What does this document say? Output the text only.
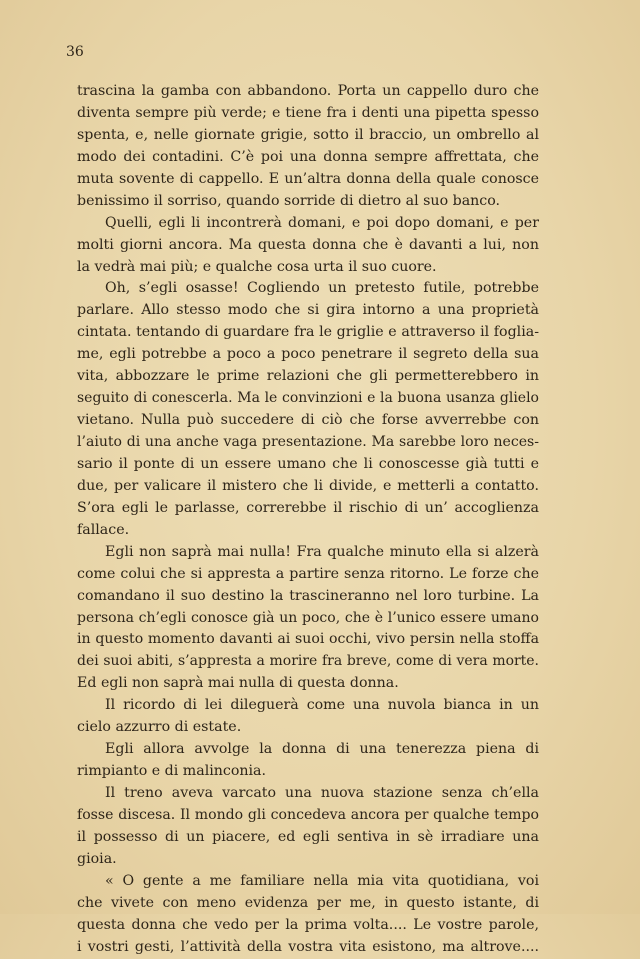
36
trascina la gamba con abbandono. Porta un cappello duro che
diventa sempre più verde; e tiene fra i denti una pipetta spesso
spenta, e, nelle giornate grigie, sotto il braccio, un ombrello al
modo dei contadini. C’è poi una donna sempre affrettata, che
muta sovente di cappello. E un’altra donna della quale conosce
benissimo il sorriso, quando sorride di dietro al suo banco.
Quelli, egli li incontrerà domani, e poi dopo domani, e per
molti giorni ancora. Ma questa donna che è davanti a lui, non
la vedrà mai più; e qualche cosa urta il suo cuore.
Oh, s’egli osasse! Cogliendo un pretesto futile, potrebbe
parlare. Allo stesso modo che si gira intorno a una proprietà
cintata. tentando di guardare fra le griglie e attraverso il foglia-
me, egli potrebbe a poco a poco penetrare il segreto della sua
vita, abbozzare le prime relazioni che gli permetterebbero in
seguito di conescerla. Ma le convinzioni e la buona usanza glielo
vietano. Nulla può succedere di ciò che forse avverrebbe con
l’aiuto di una anche vaga presentazione. Ma sarebbe loro neces-
sario il ponte di un essere umano che li conoscesse già tutti e
due, per valicare il mistero che li divide, e metterli a contatto.
S’ora egli le parlasse, correrebbe il rischio di un’ accoglienza
fallace.
Egli non saprà mai nulla! Fra qualche minuto ella si alzerà
come colui che si appresta a partire senza ritorno. Le forze che
comandano il suo destino la trascineranno nel loro turbine. La
persona ch’egli conosce già un poco, che è l’unico essere umano
in questo momento davanti ai suoi occhi, vivo persin nella stoffa
dei suoi abiti, s’appresta a morire fra breve, come di vera morte.
Ed egli non saprà mai nulla di questa donna.
Il ricordo di lei dileguerà come una nuvola bianca in un
cielo azzurro di estate.
Egli allora avvolge la donna di una tenerezza piena di
rimpianto e di malinconia.
Il treno aveva varcato una nuova stazione senza ch’ella
fosse discesa. Il mondo gli concedeva ancora per qualche tempo
il possesso di un piacere, ed egli sentiva in sè irradiare una
gioia.
« O gente a me familiare nella mia vita quotidiana, voi
che vivete con meno evidenza per me, in questo istante, di
questa donna che vedo per la prima volta.... Le vostre parole,
i vostri gesti, l’attività della vostra vita esistono, ma altrove....
